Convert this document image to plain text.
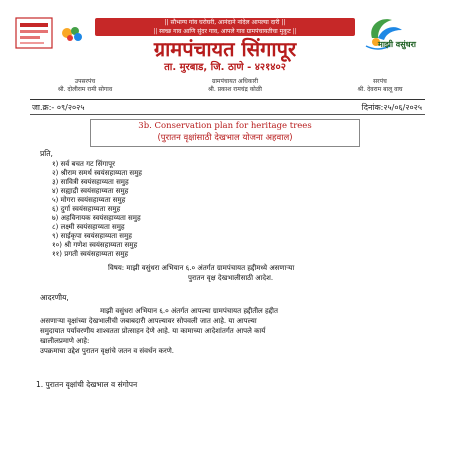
|| सौभाग्य गांव घरोघरी, आनंदाने नांदेल आपल्या दारी ||
|| स्वच्छ गाव आणि सुंदर गाव, आपले गाव ग्रामपंचायतीचा मुकुट ||
माझी वसुंधरा
ग्रामपंचायत सिंगापूर
ता. मुरबाड, जि. ठाणे - ४२१४०२
उपसरपंच
श्री. दोलीराम रामी सोगाव
ग्रामपंचायत अधिकारी
श्री. प्रकाश रामचंद्र कोळी
सरपंच
श्री. देवराम बालू वाघ
जा.क्र:- ०९/२०२५	दिनांक:२५/०६/२०२५
3b. Conservation plan for heritage trees
(पुरातन वृक्षांसाठी देखभाल योजना अहवाल)
प्रति,
१) सर्व बचत गट सिंगापूर
२) श्रीराम समर्थ स्वयंसहाय्यता समुह
३) सावित्री स्वयंसहाय्यता समुह
४) सह्याद्री स्वयंसहाय्यता समुह
५) मोगरा स्वयंसहाय्यता समुह
६) दुर्गा स्वयंसहाय्यता समुह
७) अहविनायक स्वयंसहाय्यता समुह
८) लक्ष्मी स्वयंसहाय्यता समुह
९) साईकृपा स्वयंसहाय्यता समुह
१०) श्री गणेश स्वयंसहाय्यता समुह
११) प्रगती स्वयंसहाय्यता समुह
विषय: माझी वसुंधरा अभियान ६.० अंतर्गत ग्रामपंचायत हद्दीमध्ये असणाऱ्या
पुरातन वृक्ष देखभालीसाठी आदेश.
आदरणीय,

माझी वसुंधरा अभियान ६.० अंतर्गत आपल्या ग्रामपंचायत हद्दीतील हद्दीत

असणाऱ्या वृक्षांच्या देखभालीची जबाबदारी आपल्यावर सोपवली जात आहे. या आपल्या

समुदायात पर्यावरणीय शाश्वतता प्रोत्साहन देणे आहे. या कामाच्या आदेशांतर्गत आपले कार्य

खालीलप्रमाणे आहे:

उपक्रमाचा उद्देश पुरातन वृक्षांचे जतन व संवर्धन करणे.

1. पुरातन वृक्षांची देखभाल व संगोपन
